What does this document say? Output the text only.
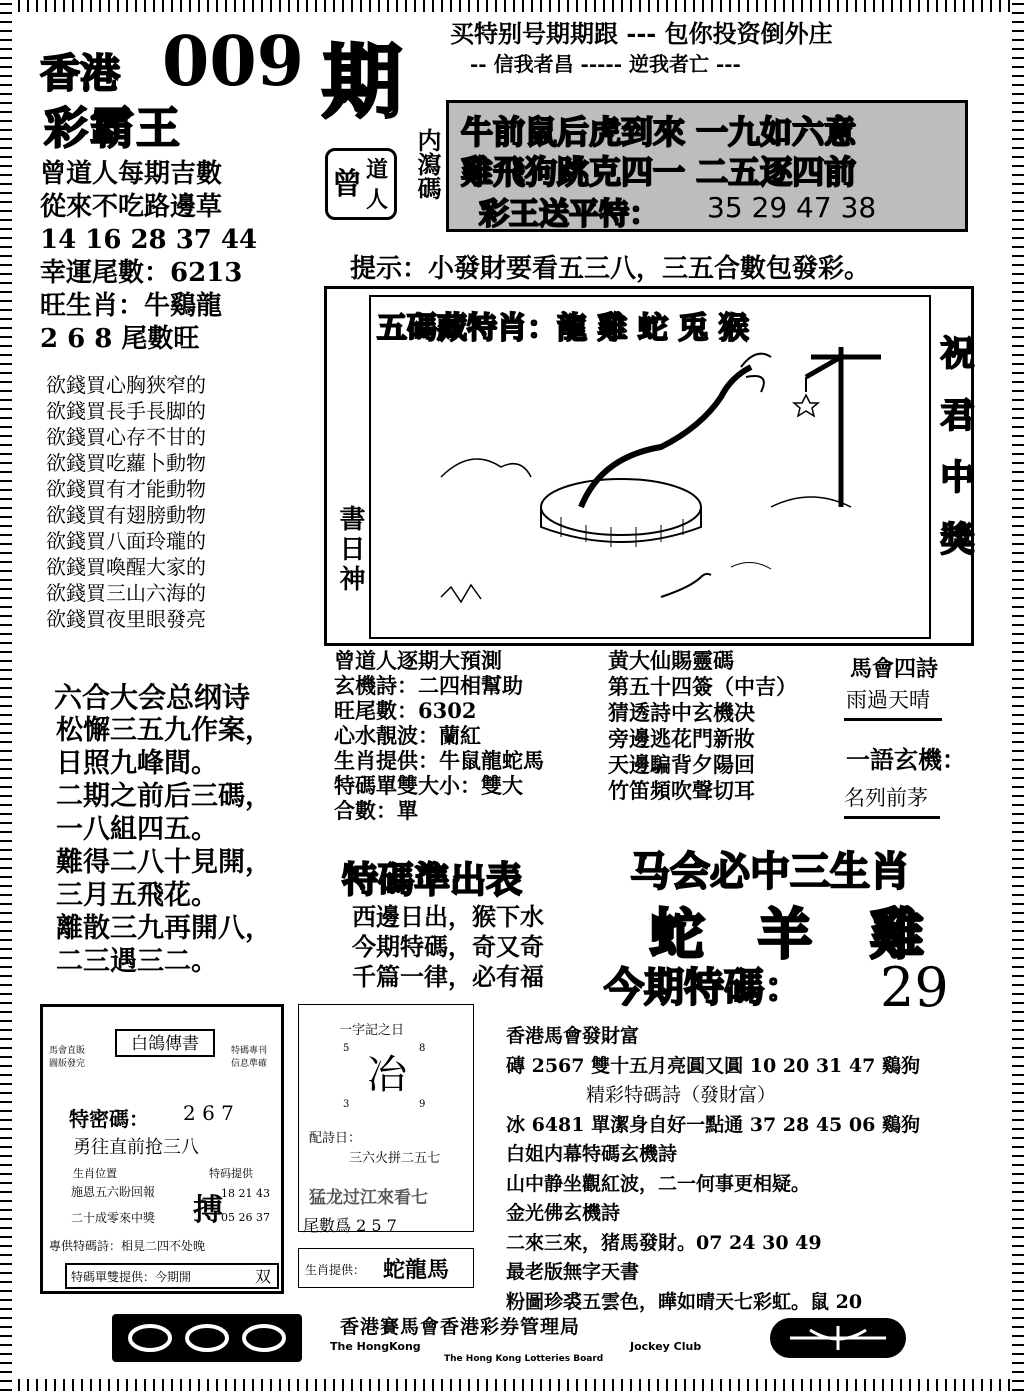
香港 009
彩霸王 期
买特别号期期跟 --- 包你投资倒外庄
-- 信我者昌 ----- 逆我者亡 ---
曾道人每期吉數
從來不吃路邊草
14 16 28 37 44
幸運尾數：6213
旺生肖：牛鷄龍
2 6 8 尾數旺
欲錢買心胸狹窄的
欲錢買長手長脚的
欲錢買心存不甘的
欲錢買吃蘿卜動物
欲錢買有才能動物
欲錢買有翅膀動物
欲錢買八面玲瓏的
欲錢買喚醒大家的
欲錢買三山六海的
欲錢買夜里眼發亮
六合大会总纲诗
松懈三五九作案，
日照九峰間。
二期之前后三碼，
一八組四五。
難得二八十見開，
三月五飛花。
離散三九再開八，
二三遇三二。
曾 道
人 内瀉碼 牛前鼠后虎到來 一九如六意
雞飛狗跳克四一 二五逐四前
彩王送平特： 35 29 47 38
提示：小發財要看五三八，三五合數包發彩。
五碼藏特肖：龍 雞 蛇 兎 猴
書日神	祝君中獎
曾道人逐期大預測
玄機詩：二四相幫助
旺尾數：6302
心水靚波：蘭紅
生肖提供：牛鼠龍蛇馬
特碼單雙大小：雙大
合數：單
黄大仙賜靈碼
第五十四簽（中吉）
猜透詩中玄機决
旁邊逃花門新妝
天邊騙背夕陽回
竹笛頻吹聲切耳
馬會四詩
雨過天晴
一語玄機：
名列前茅
特碼準出表
西邊日出，猴下水
今期特碼，奇又奇
千篇一律，必有福
马会必中三生肖
蛇 羊 雞
今期特碼： 29
白鴿傳書
馬會直販
圖版發完
特碼專刊
信息準確
特密碼： 2 6 7
勇往直前抢三八
生肖位置
施恩五六盼回報
二十成零來中獎
特码提供
搏
18 21 43
05 26 37
專供特碼詩：相見二四不处晚
特碼單雙提供：今期開	双
一字記之日
冶
5	8
3	9
配詩日：
三六火拼二五七
猛龙过江來看七
尾數爲 2 5 7
生肖提供： 蛇龍馬
香港馬會發財富
磚 2567 雙十五月亮圓又圓 10 20 31 47 鷄狗
精彩特碼詩（發財富）
冰 6481 單潔身自好一點通 37 28 45 06 鷄狗
白姐内幕特碼玄機詩
山中静坐觀紅波，二一何事更相疑。
金光佛玄機詩
二來三來，猪馬發財。07 24 30 49
最老版無字天書
粉圖珍裘五雲色，曄如晴天七彩虹。鼠 20
香港賽馬會香港彩券管理局
The HongKong	Jockey Club
The Hong Kong Lotteries Board
